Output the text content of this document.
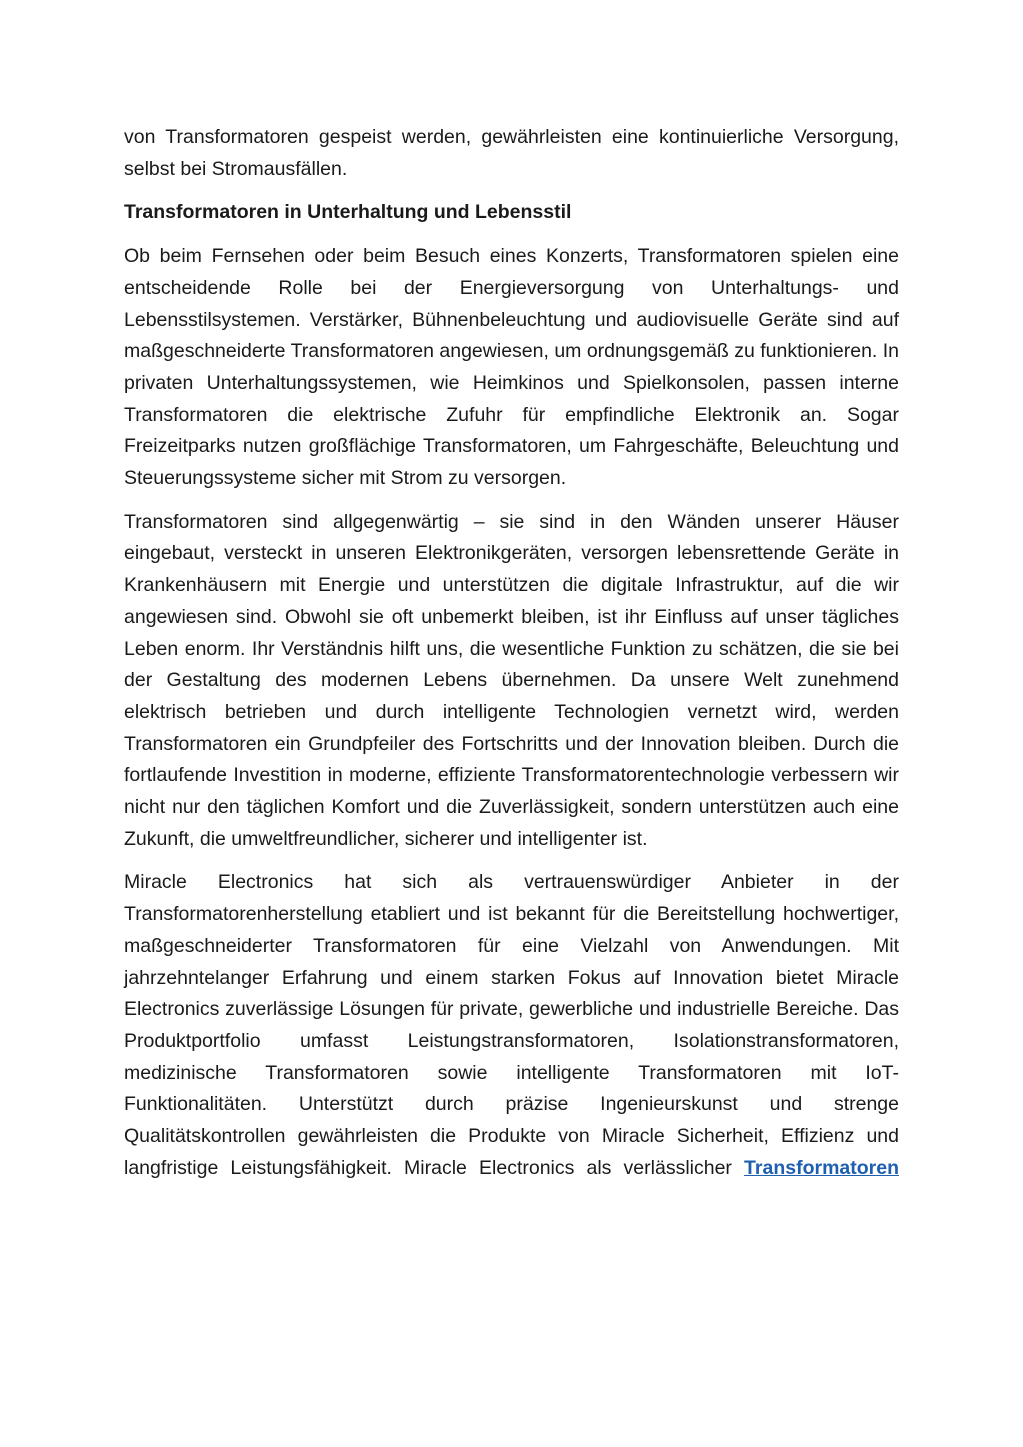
von Transformatoren gespeist werden, gewährleisten eine kontinuierliche Versorgung, selbst bei Stromausfällen.

Transformatoren in Unterhaltung und Lebensstil

Ob beim Fernsehen oder beim Besuch eines Konzerts, Transformatoren spielen eine entscheidende Rolle bei der Energieversorgung von Unterhaltungs- und Lebensstilsystemen. Verstärker, Bühnenbeleuchtung und audiovisuelle Geräte sind auf maßgeschneiderte Transformatoren angewiesen, um ordnungsgemäß zu funktionieren. In privaten Unterhaltungssystemen, wie Heimkinos und Spielkonsolen, passen interne Transformatoren die elektrische Zufuhr für empfindliche Elektronik an. Sogar Freizeitparks nutzen großflächige Transformatoren, um Fahrgeschäfte, Beleuchtung und Steuerungssysteme sicher mit Strom zu versorgen.

Transformatoren sind allgegenwärtig – sie sind in den Wänden unserer Häuser eingebaut, versteckt in unseren Elektronikgeräten, versorgen lebensrettende Geräte in Krankenhäusern mit Energie und unterstützen die digitale Infrastruktur, auf die wir angewiesen sind. Obwohl sie oft unbemerkt bleiben, ist ihr Einfluss auf unser tägliches Leben enorm. Ihr Verständnis hilft uns, die wesentliche Funktion zu schätzen, die sie bei der Gestaltung des modernen Lebens übernehmen. Da unsere Welt zunehmend elektrisch betrieben und durch intelligente Technologien vernetzt wird, werden Transformatoren ein Grundpfeiler des Fortschritts und der Innovation bleiben. Durch die fortlaufende Investition in moderne, effiziente Transformatorentechnologie verbessern wir nicht nur den täglichen Komfort und die Zuverlässigkeit, sondern unterstützen auch eine Zukunft, die umweltfreundlicher, sicherer und intelligenter ist.

Miracle Electronics hat sich als vertrauenswürdiger Anbieter in der Transformatorenherstellung etabliert und ist bekannt für die Bereitstellung hochwertiger, maßgeschneiderter Transformatoren für eine Vielzahl von Anwendungen. Mit jahrzehntelanger Erfahrung und einem starken Fokus auf Innovation bietet Miracle Electronics zuverlässige Lösungen für private, gewerbliche und industrielle Bereiche. Das Produktportfolio umfasst Leistungstransformatoren, Isolationstransformatoren, medizinische Transformatoren sowie intelligente Transformatoren mit IoT-Funktionalitäten. Unterstützt durch präzise Ingenieurskunst und strenge Qualitätskontrollen gewährleisten die Produkte von Miracle Sicherheit, Effizienz und langfristige Leistungsfähigkeit. Miracle Electronics als verlässlicher Transformatoren
